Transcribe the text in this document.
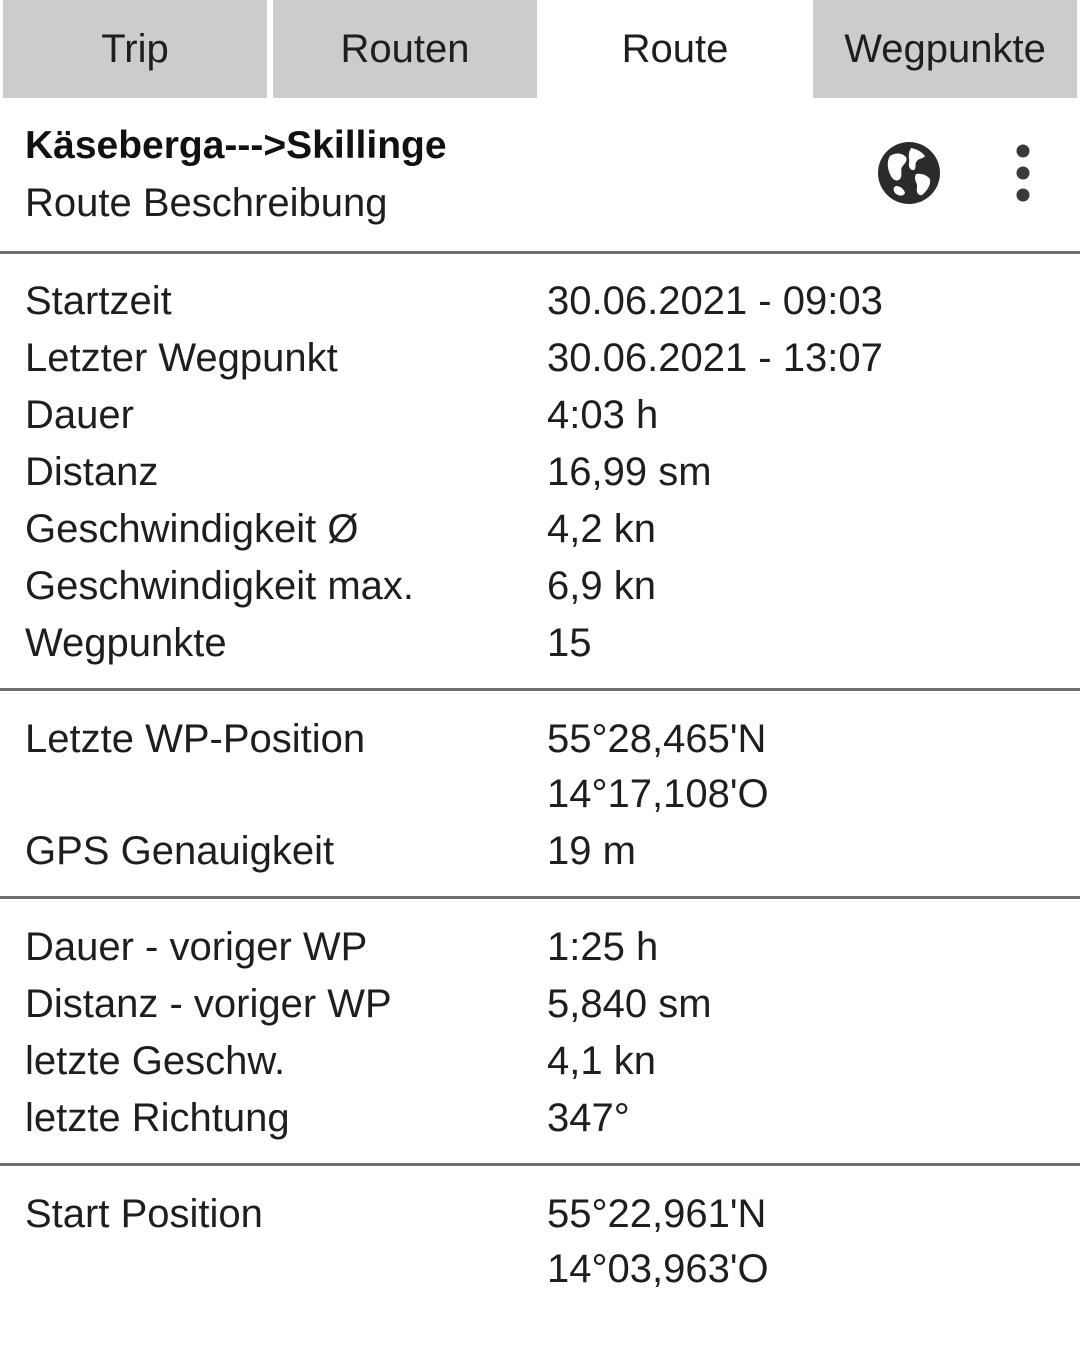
Trip	Routen	Route	Wegpunkte
Käseberga--->Skillinge
Route Beschreibung
Startzeit	30.06.2021 - 09:03
Letzter Wegpunkt	30.06.2021 - 13:07
Dauer	4:03 h
Distanz	16,99 sm
Geschwindigkeit Ø	4,2 kn
Geschwindigkeit max.	6,9 kn
Wegpunkte	15
Letzte WP-Position	55°28,465'N
14°17,108'O
GPS Genauigkeit	19 m
Dauer - voriger WP	1:25 h
Distanz - voriger WP	5,840 sm
letzte Geschw.	4,1 kn
letzte Richtung	347°
Start Position	55°22,961'N
14°03,963'O
